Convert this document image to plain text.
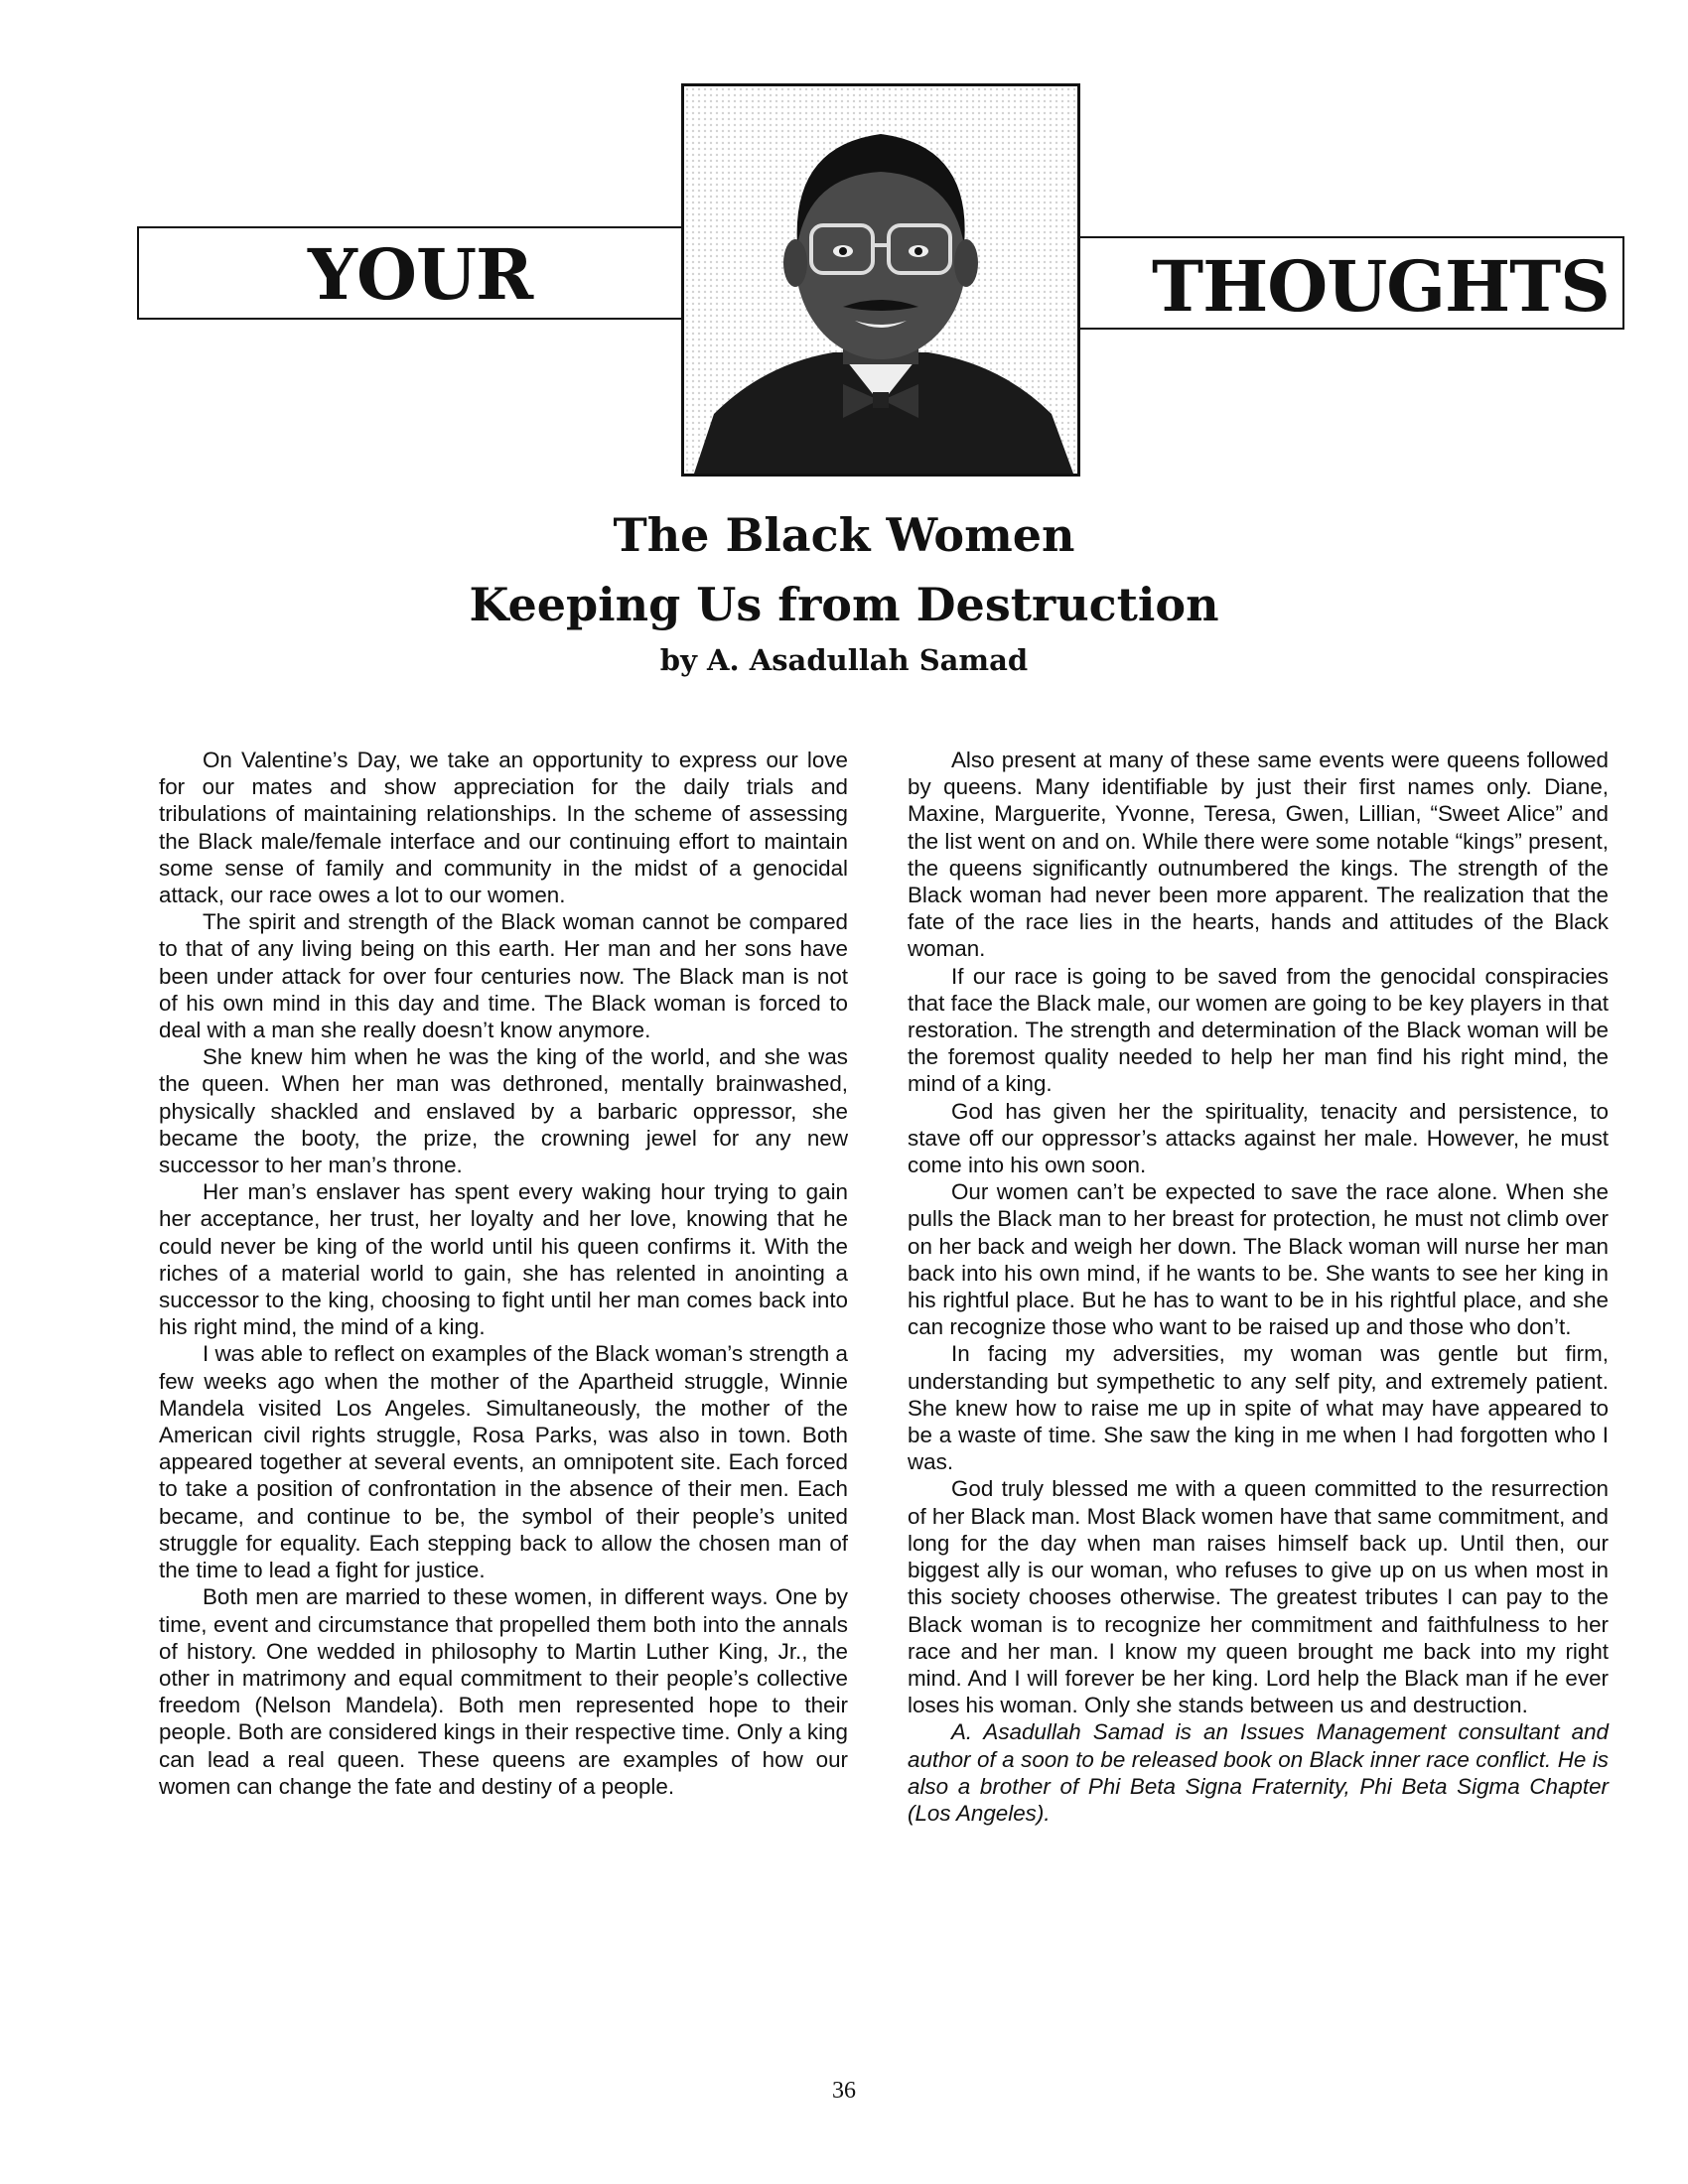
YOUR	THOUGHTS
The Black Women
Keeping Us from Destruction
by A. Asadullah Samad

On Valentine’s Day, we take an opportunity to express our love for our mates and show appreciation for the daily trials and tribulations of maintaining relationships. In the scheme of assessing the Black male/female interface and our continuing effort to maintain some sense of family and community in the midst of a genocidal attack, our race owes a lot to our women.

The spirit and strength of the Black woman cannot be compared to that of any living being on this earth. Her man and her sons have been under attack for over four centuries now. The Black man is not of his own mind in this day and time. The Black woman is forced to deal with a man she really doesn’t know anymore.

She knew him when he was the king of the world, and she was the queen. When her man was dethroned, mentally brainwashed, physically shackled and enslaved by a barbaric oppressor, she became the booty, the prize, the crowning jewel for any new successor to her man’s throne.

Her man’s enslaver has spent every waking hour trying to gain her acceptance, her trust, her loyalty and her love, knowing that he could never be king of the world until his queen confirms it. With the riches of a material world to gain, she has relented in anointing a successor to the king, choosing to fight until her man comes back into his right mind, the mind of a king.

I was able to reflect on examples of the Black woman’s strength a few weeks ago when the mother of the Apartheid struggle, Winnie Mandela visited Los Angeles. Simultaneously, the mother of the American civil rights struggle, Rosa Parks, was also in town. Both appeared together at several events, an omnipotent site. Each forced to take a position of confrontation in the absence of their men. Each became, and continue to be, the symbol of their people’s united struggle for equality. Each stepping back to allow the chosen man of the time to lead a fight for justice.

Both men are married to these women, in different ways. One by time, event and circumstance that propelled them both into the annals of history. One wedded in philosophy to Martin Luther King, Jr., the other in matrimony and equal commitment to their people’s collective freedom (Nelson Mandela). Both men represented hope to their people. Both are considered kings in their respective time. Only a king can lead a real queen. These queens are examples of how our women can change the fate and destiny of a people.

Also present at many of these same events were queens followed by queens. Many identifiable by just their first names only. Diane, Maxine, Marguerite, Yvonne, Teresa, Gwen, Lillian, “Sweet Alice” and the list went on and on. While there were some notable “kings” present, the queens significantly outnumbered the kings. The strength of the Black woman had never been more apparent. The realization that the fate of the race lies in the hearts, hands and attitudes of the Black woman.

If our race is going to be saved from the genocidal conspiracies that face the Black male, our women are going to be key players in that restoration. The strength and determination of the Black woman will be the foremost quality needed to help her man find his right mind, the mind of a king.

God has given her the spirituality, tenacity and persistence, to stave off our oppressor’s attacks against her male. However, he must come into his own soon.

Our women can’t be expected to save the race alone. When she pulls the Black man to her breast for protection, he must not climb over on her back and weigh her down. The Black woman will nurse her man back into his own mind, if he wants to be. She wants to see her king in his rightful place. But he has to want to be in his rightful place, and she can recognize those who want to be raised up and those who don’t.

In facing my adversities, my woman was gentle but firm, understanding but sympethetic to any self pity, and extremely patient. She knew how to raise me up in spite of what may have appeared to be a waste of time. She saw the king in me when I had forgotten who I was.

God truly blessed me with a queen committed to the resurrection of her Black man. Most Black women have that same commitment, and long for the day when man raises himself back up. Until then, our biggest ally is our woman, who refuses to give up on us when most in this society chooses otherwise. The greatest tributes I can pay to the Black woman is to recognize her commitment and faithfulness to her race and her man. I know my queen brought me back into my right mind. And I will forever be her king. Lord help the Black man if he ever loses his woman. Only she stands between us and destruction.

A. Asadullah Samad is an Issues Management consultant and author of a soon to be released book on Black inner race conflict. He is also a brother of Phi Beta Signa Fraternity, Phi Beta Sigma Chapter (Los Angeles).

36
